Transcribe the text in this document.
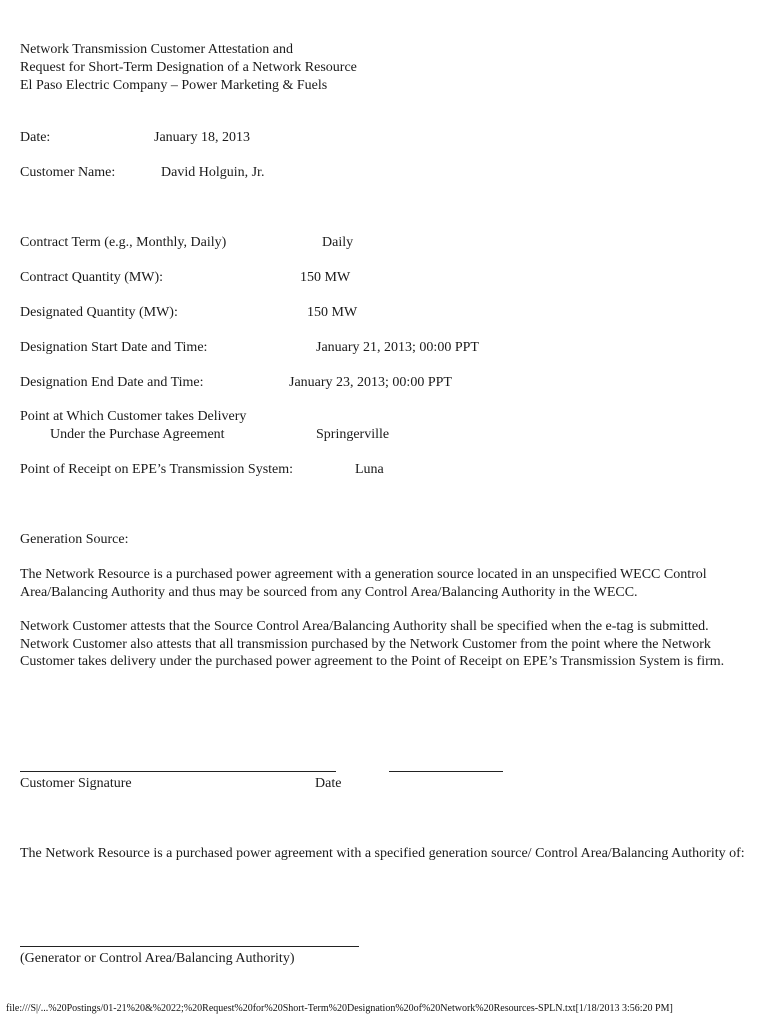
Network Transmission Customer Attestation and
Request for Short-Term Designation of a Network Resource
El Paso Electric Company – Power Marketing & Fuels
Date:	January 18, 2013
Customer Name:	David Holguin, Jr.
Contract Term (e.g., Monthly, Daily)	Daily
Contract Quantity (MW):	150 MW
Designated Quantity (MW):	150 MW
Designation Start Date and Time:	January 21, 2013; 00:00 PPT
Designation End Date and Time:	January 23, 2013; 00:00 PPT
Point at Which Customer takes Delivery
Under the Purchase Agreement	Springerville
Point of Receipt on EPE’s Transmission System:	Luna
Generation Source:
The Network Resource is a purchased power agreement with a generation source located in an unspecified WECC Control Area/Balancing Authority and thus may be sourced from any Control Area/Balancing Authority in the WECC.
Network Customer attests that the Source Control Area/Balancing Authority shall be specified when the e-tag is submitted. Network Customer also attests that all transmission purchased by the Network Customer from the point where the Network Customer takes delivery under the purchased power agreement to the Point of Receipt on EPE’s Transmission System is firm.
Customer Signature	Date
The Network Resource is a purchased power agreement with a specified generation source/ Control Area/Balancing Authority of:
(Generator or Control Area/Balancing Authority)
file:///S|/...%20Postings/01-21%20&%2022;%20Request%20for%20Short-Term%20Designation%20of%20Network%20Resources-SPLN.txt[1/18/2013 3:56:20 PM]
